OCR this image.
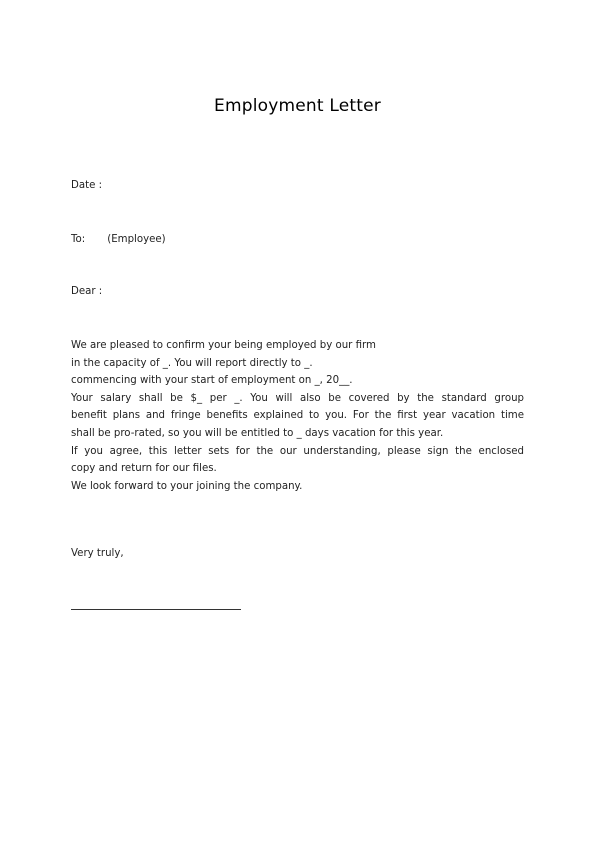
Employment Letter
Date :
To: (Employee)
Dear :
We are pleased to confirm your being employed by our firm
in the capacity of _. You will report directly to _.
commencing with your start of employment on _, 20__.
Your salary shall be $_ per _. You will also be covered by the standard group
benefit plans and fringe benefits explained to you. For the first year vacation time
shall be pro-rated, so you will be entitled to _ days vacation for this year.
If you agree, this letter sets for the our understanding, please sign the enclosed
copy and return for our files.
We look forward to your joining the company.
Very truly,
